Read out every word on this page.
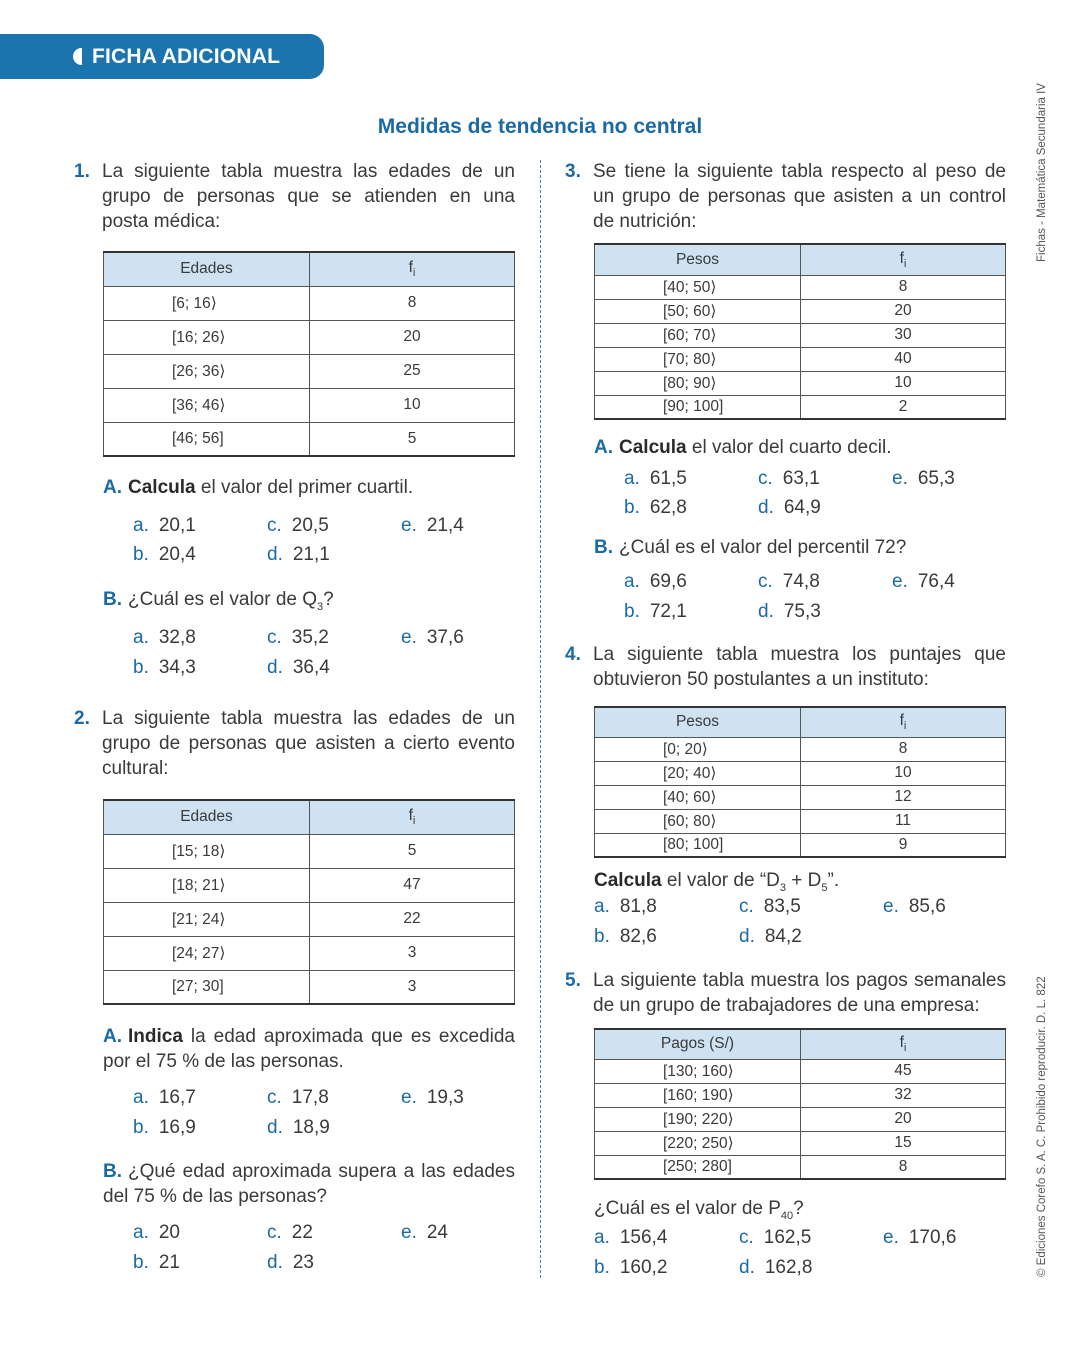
FICHA ADICIONAL
Fichas - Matemática Secundaria IV
© Ediciones Corefo S. A. C. Prohibido reproducir. D. L. 822
Medidas de tendencia no central
1. La siguiente tabla muestra las edades de un grupo de personas que se atienden en una posta médica:
Edades	$f_i$
[6; 16⟩	8
[16; 26⟩	20
[26; 36⟩	25
[36; 46⟩	10
[46; 56]	5
A. Calcula el valor del primer cuartil.
a. 20,1	c. 20,5	e. 21,4
b. 20,4	d. 21,1
B. ¿Cuál es el valor de $Q_3$?
a. 32,8	c. 35,2	e. 37,6
b. 34,3	d. 36,4
2. La siguiente tabla muestra las edades de un grupo de personas que asisten a cierto evento cultural:
Edades	$f_i$
[15; 18⟩	5
[18; 21⟩	47
[21; 24⟩	22
[24; 27⟩	3
[27; 30]	3
A. Indica la edad aproximada que es excedida por el 75 % de las personas.
a. 16,7	c. 17,8	e. 19,3
b. 16,9	d. 18,9
B. ¿Qué edad aproximada supera a las edades del 75 % de las personas?
a. 20	c. 22	e. 24
b. 21	d. 23
3. Se tiene la siguiente tabla respecto al peso de un grupo de personas que asisten a un control de nutrición:
Pesos	$f_i$
[40; 50⟩	8
[50; 60⟩	20
[60; 70⟩	30
[70; 80⟩	40
[80; 90⟩	10
[90; 100]	2
A. Calcula el valor del cuarto decil.
a. 61,5	c. 63,1	e. 65,3
b. 62,8	d. 64,9
B. ¿Cuál es el valor del percentil 72?
a. 69,6	c. 74,8	e. 76,4
b. 72,1	d. 75,3
4. La siguiente tabla muestra los puntajes que obtuvieron 50 postulantes a un instituto:
Pesos	$f_i$
[0; 20⟩	8
[20; 40⟩	10
[40; 60⟩	12
[60; 80⟩	11
[80; 100]	9
Calcula el valor de “$D_3 + D_5$”.
a. 81,8	c. 83,5	e. 85,6
b. 82,6	d. 84,2
5. La siguiente tabla muestra los pagos semanales de un grupo de trabajadores de una empresa:
Pagos (S/)	$f_i$
[130; 160⟩	45
[160; 190⟩	32
[190; 220⟩	20
[220; 250⟩	15
[250; 280]	8
¿Cuál es el valor de $P_{40}$?
a. 156,4	c. 162,5	e. 170,6
b. 160,2	d. 162,8
